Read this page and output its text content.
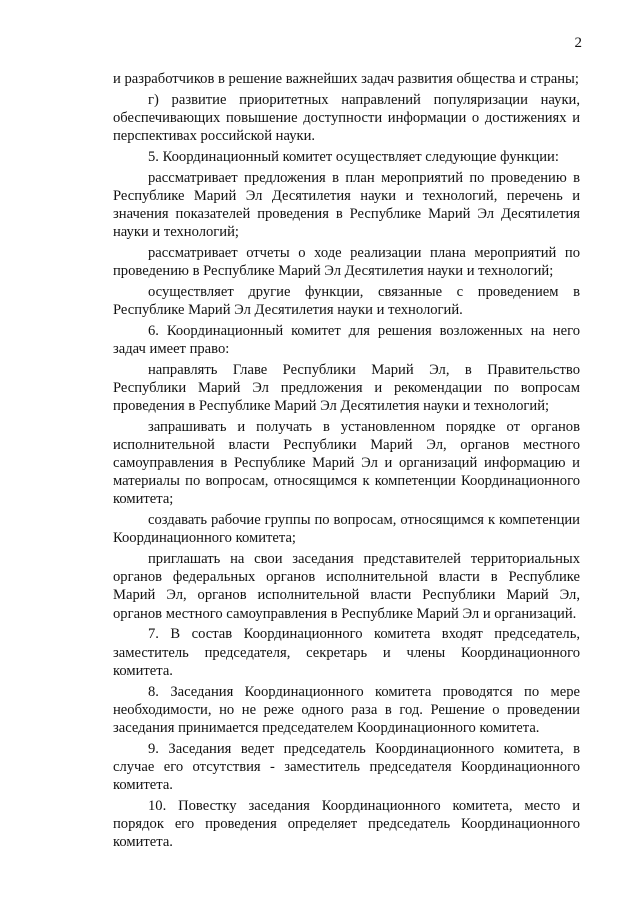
2

и разработчиков в решение важнейших задач развития общества и страны;

г) развитие приоритетных направлений популяризации науки, обеспечивающих повышение доступности информации о достижениях и перспективах российской науки.

5. Координационный комитет осуществляет следующие функции:

рассматривает предложения в план мероприятий по проведению в Республике Марий Эл Десятилетия науки и технологий, перечень и значения показателей проведения в Республике Марий Эл Десятилетия науки и технологий;

рассматривает отчеты о ходе реализации плана мероприятий по проведению в Республике Марий Эл Десятилетия науки и технологий;

осуществляет другие функции, связанные с проведением в Республике Марий Эл Десятилетия науки и технологий.

6. Координационный комитет для решения возложенных на него задач имеет право:

направлять Главе Республики Марий Эл, в Правительство Республики Марий Эл предложения и рекомендации по вопросам проведения в Республике Марий Эл Десятилетия науки и технологий;

запрашивать и получать в установленном порядке от органов исполнительной власти Республики Марий Эл, органов местного самоуправления в Республике Марий Эл и организаций информацию и материалы по вопросам, относящимся к компетенции Координационного комитета;

создавать рабочие группы по вопросам, относящимся к компетенции Координационного комитета;

приглашать на свои заседания представителей территориальных органов федеральных органов исполнительной власти в Республике Марий Эл, органов исполнительной власти Республики Марий Эл, органов местного самоуправления в Республике Марий Эл и организаций.

7. В состав Координационного комитета входят председатель, заместитель председателя, секретарь и члены Координационного комитета.

8. Заседания Координационного комитета проводятся по мере необходимости, но не реже одного раза в год. Решение о проведении заседания принимается председателем Координационного комитета.

9. Заседания ведет председатель Координационного комитета, в случае его отсутствия - заместитель председателя Координационного комитета.

10. Повестку заседания Координационного комитета, место и порядок его проведения определяет председатель Координационного комитета.
